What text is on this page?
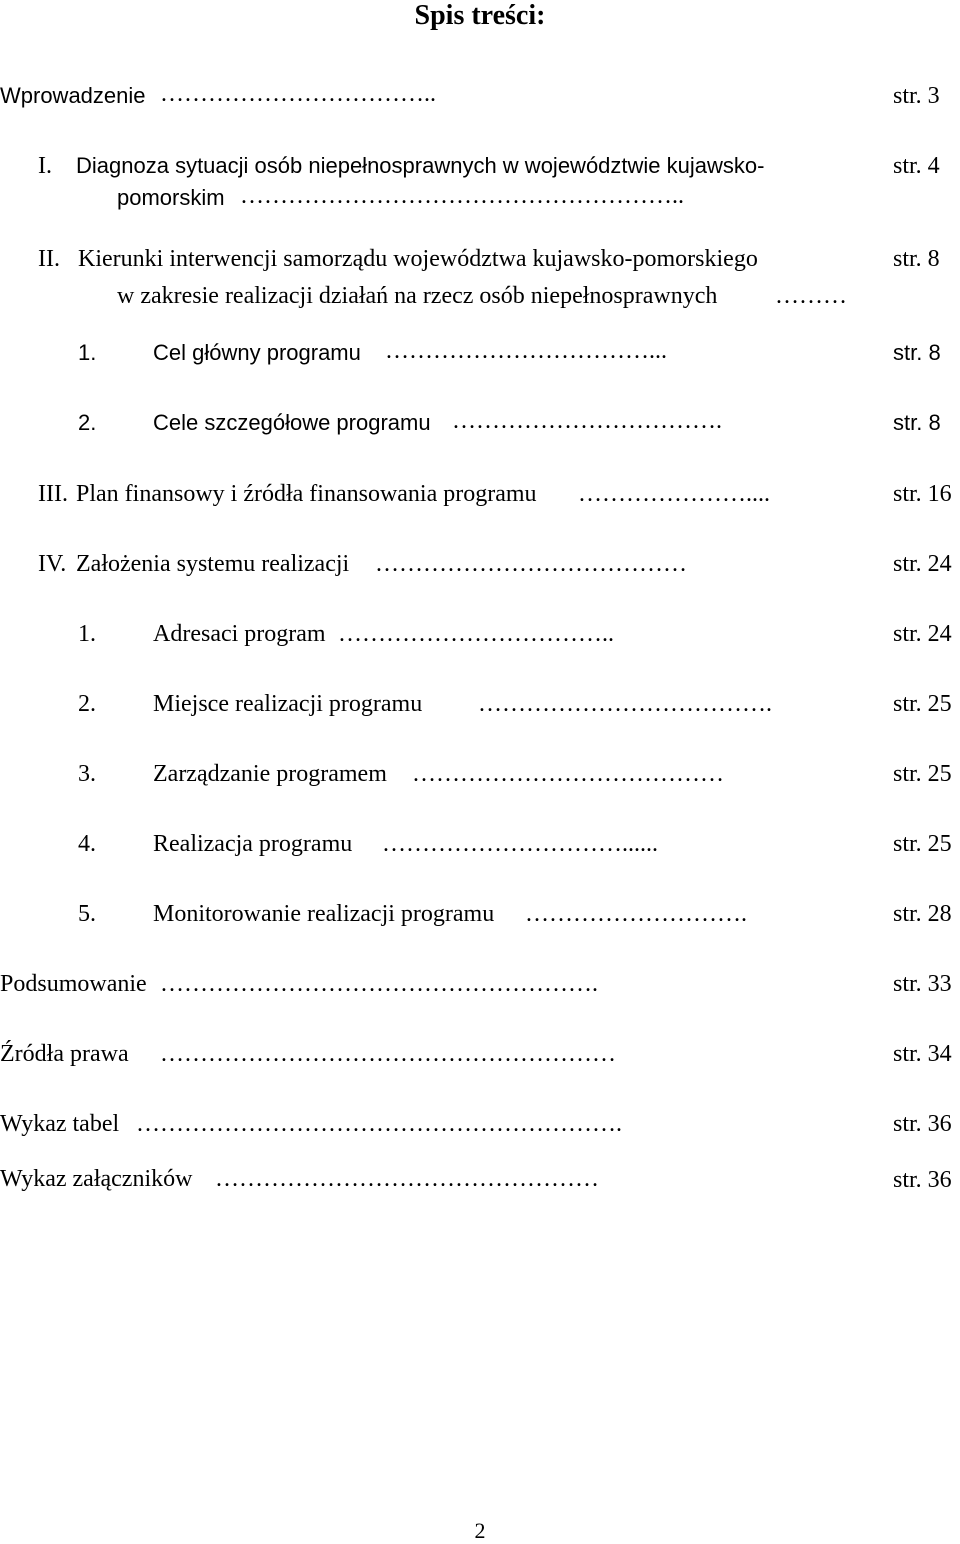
Spis treści:
Wprowadzenie ……………………………..	str. 3
I. Diagnoza sytuacji osób niepełnosprawnych w województwie kujawsko-	str. 4
pomorskim ………………………………………………..
II. Kierunki interwencji samorządu województwa kujawsko-pomorskiego	str. 8
w zakresie realizacji działań na rzecz osób niepełnosprawnych ………
1.	Cel główny programu ……………………………...	str. 8
2.	Cele szczegółowe programu …………………………….	str. 8
III. Plan finansowy i źródła finansowania programu …………………....	str. 16
IV. Założenia systemu realizacji …………………………………	str. 24
1. Adresaci program ……………………………..	str. 24
2. Miejsce realizacji programu ……………………………….	str. 25
3. Zarządzanie programem …………………………………	str. 25
4. Realizacja programu …………………………......	str. 25
5. Monitorowanie realizacji programu ……………………….	str. 28
Podsumowanie ……………………………………………….	str. 33
Źródła prawa …………………………………………………	str. 34
Wykaz tabel …………………………………………………….	str. 36
Wykaz załączników …………………………………………	str. 36
2
